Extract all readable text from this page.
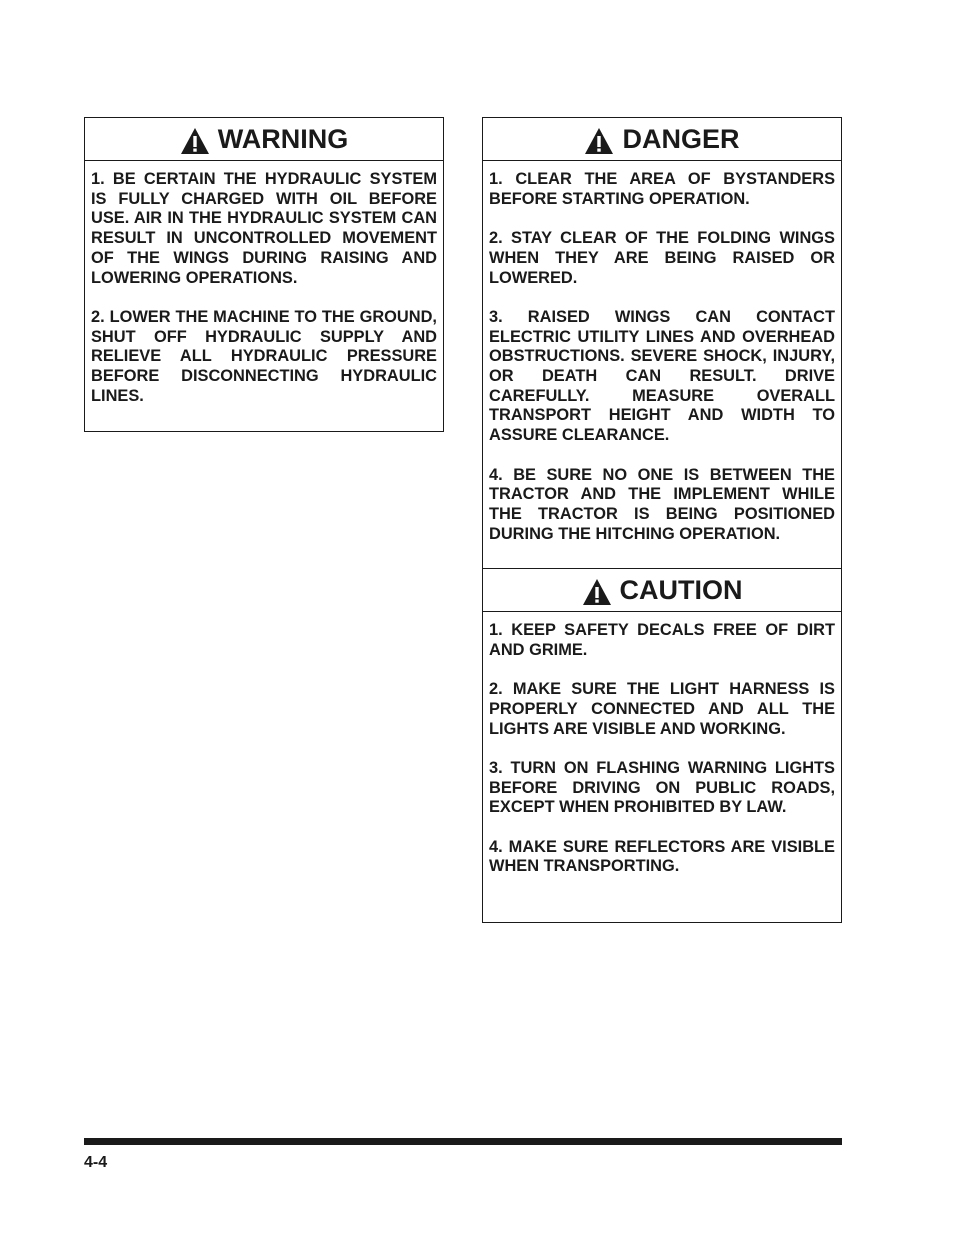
WARNING

1. BE CERTAIN THE HYDRAULIC SYSTEM IS FULLY CHARGED WITH OIL BEFORE USE. AIR IN THE HYDRAULIC SYSTEM CAN RESULT IN UNCONTROLLED MOVEMENT OF THE WINGS DURING RAISING AND LOWERING OPERATIONS.

2. LOWER THE MACHINE TO THE GROUND, SHUT OFF HYDRAULIC SUPPLY AND RELIEVE ALL HYDRAULIC PRESSURE BEFORE DISCONNECTING HYDRAULIC LINES.

DANGER

1. CLEAR THE AREA OF BYSTANDERS BEFORE STARTING OPERATION.

2. STAY CLEAR OF THE FOLDING WINGS WHEN THEY ARE BEING RAISED OR LOWERED.

3. RAISED WINGS CAN CONTACT ELECTRIC UTILITY LINES AND OVERHEAD OBSTRUCTIONS. SEVERE SHOCK, INJURY, OR DEATH CAN RESULT. DRIVE CAREFULLY. MEASURE OVERALL TRANSPORT HEIGHT AND WIDTH TO ASSURE CLEARANCE.

4. BE SURE NO ONE IS BETWEEN THE TRACTOR AND THE IMPLEMENT WHILE THE TRACTOR IS BEING POSITIONED DURING THE HITCHING OPERATION.

CAUTION

1. KEEP SAFETY DECALS FREE OF DIRT AND GRIME.

2. MAKE SURE THE LIGHT HARNESS IS PROPERLY CONNECTED AND ALL THE LIGHTS ARE VISIBLE AND WORKING.

3. TURN ON FLASHING WARNING LIGHTS BEFORE DRIVING ON PUBLIC ROADS, EXCEPT WHEN PROHIBITED BY LAW.

4. MAKE SURE REFLECTORS ARE VISIBLE WHEN TRANSPORTING.

4-4
